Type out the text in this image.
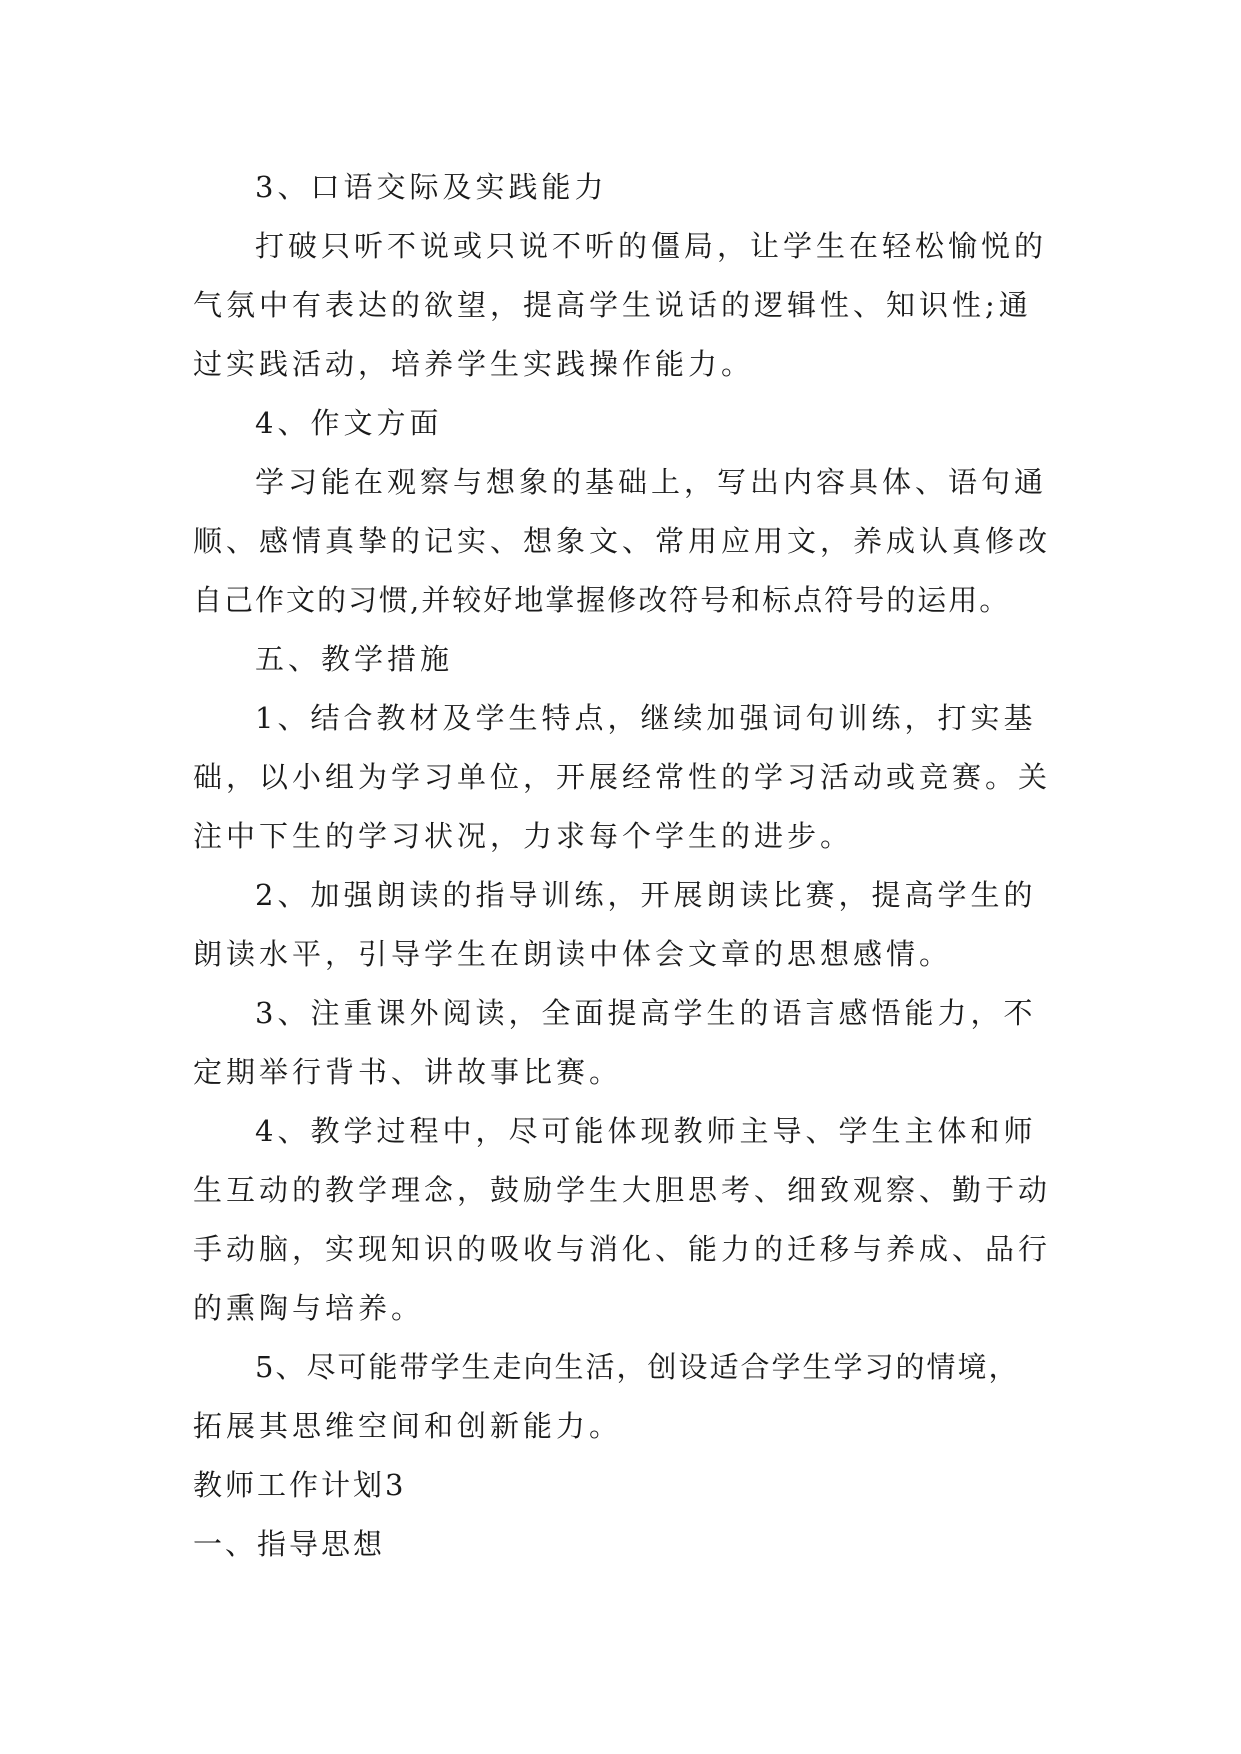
3、口语交际及实践能力
打破只听不说或只说不听的僵局，让学生在轻松愉悦的
气氛中有表达的欲望，提高学生说话的逻辑性、知识性;通
过实践活动，培养学生实践操作能力。
4、作文方面
学习能在观察与想象的基础上，写出内容具体、语句通
顺、感情真挚的记实、想象文、常用应用文，养成认真修改
自己作文的习惯,并较好地掌握修改符号和标点符号的运用。
五、教学措施
1、结合教材及学生特点，继续加强词句训练，打实基
础，以小组为学习单位，开展经常性的学习活动或竞赛。关
注中下生的学习状况，力求每个学生的进步。
2、加强朗读的指导训练，开展朗读比赛，提高学生的
朗读水平，引导学生在朗读中体会文章的思想感情。
3、注重课外阅读，全面提高学生的语言感悟能力，不
定期举行背书、讲故事比赛。
4、教学过程中，尽可能体现教师主导、学生主体和师
生互动的教学理念，鼓励学生大胆思考、细致观察、勤于动
手动脑，实现知识的吸收与消化、能力的迁移与养成、品行
的熏陶与培养。
5、尽可能带学生走向生活，创设适合学生学习的情境，
拓展其思维空间和创新能力。
教师工作计划3
一、指导思想
